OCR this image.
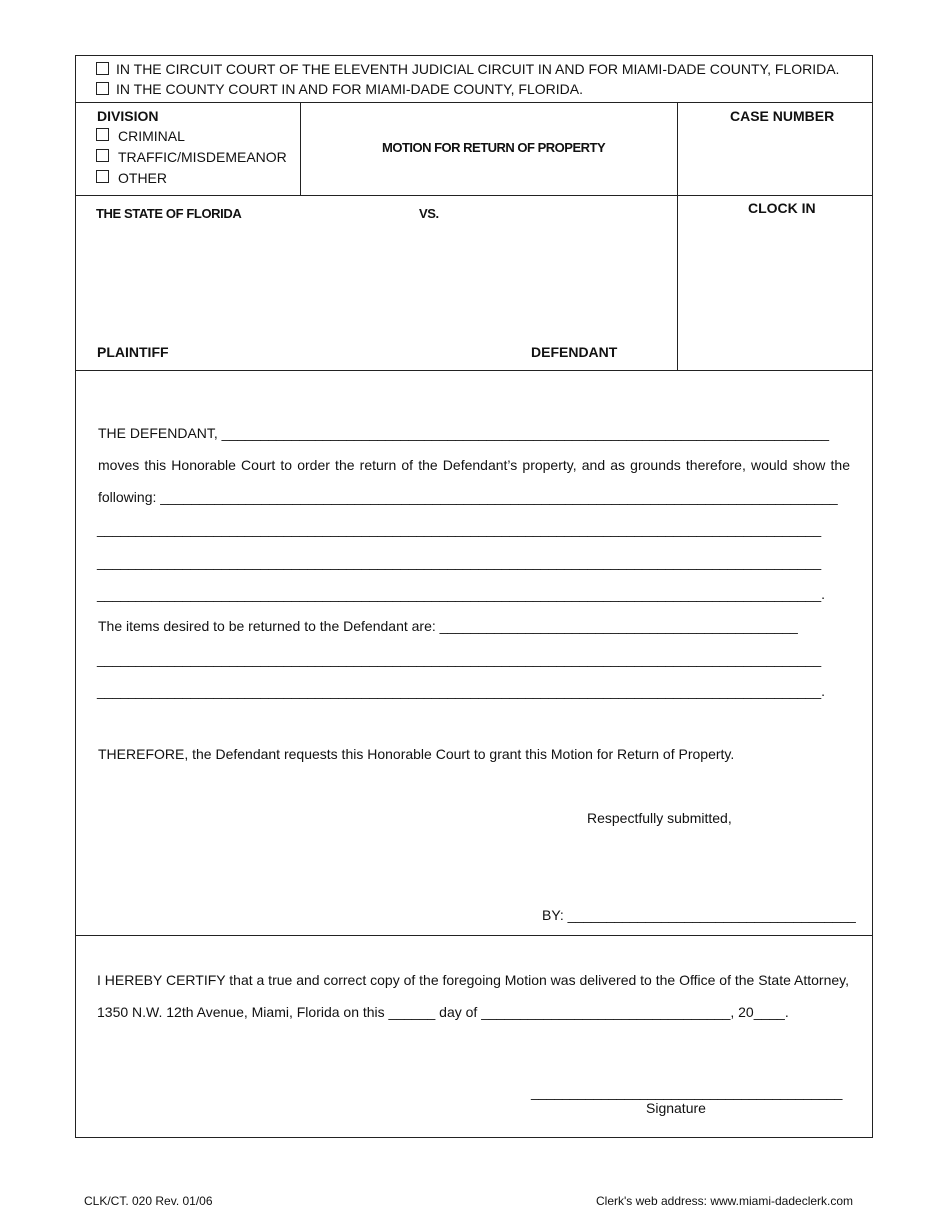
IN THE CIRCUIT COURT OF THE ELEVENTH JUDICIAL CIRCUIT IN AND FOR MIAMI-DADE COUNTY, FLORIDA.
IN THE COUNTY COURT IN AND FOR MIAMI-DADE COUNTY, FLORIDA.
DIVISION
CRIMINAL
TRAFFIC/MISDEMEANOR
OTHER
MOTION FOR RETURN OF PROPERTY
CASE NUMBER
THE STATE OF FLORIDA	VS.	CLOCK IN
PLAINTIFF	DEFENDANT
THE DEFENDANT, ______________________________________________________________________________
moves this Honorable Court to order the return of the Defendant’s property, and as grounds therefore, would show the
following: _______________________________________________________________________________________
_____________________________________________________________________________________________
_____________________________________________________________________________________________
_____________________________________________________________________________________________.
The items desired to be returned to the Defendant are: ______________________________________________
_____________________________________________________________________________________________
_____________________________________________________________________________________________.
THEREFORE, the Defendant requests this Honorable Court to grant this Motion for Return of Property.
Respectfully submitted,
BY: _____________________________________
I HEREBY CERTIFY that a true and correct copy of the foregoing Motion was delivered to the Office of the State Attorney,
1350 N.W. 12th Avenue, Miami, Florida on this ______ day of ________________________________, 20____.
________________________________________
Signature
CLK/CT. 020 Rev. 01/06	Clerk's web address: www.miami-dadeclerk.com
